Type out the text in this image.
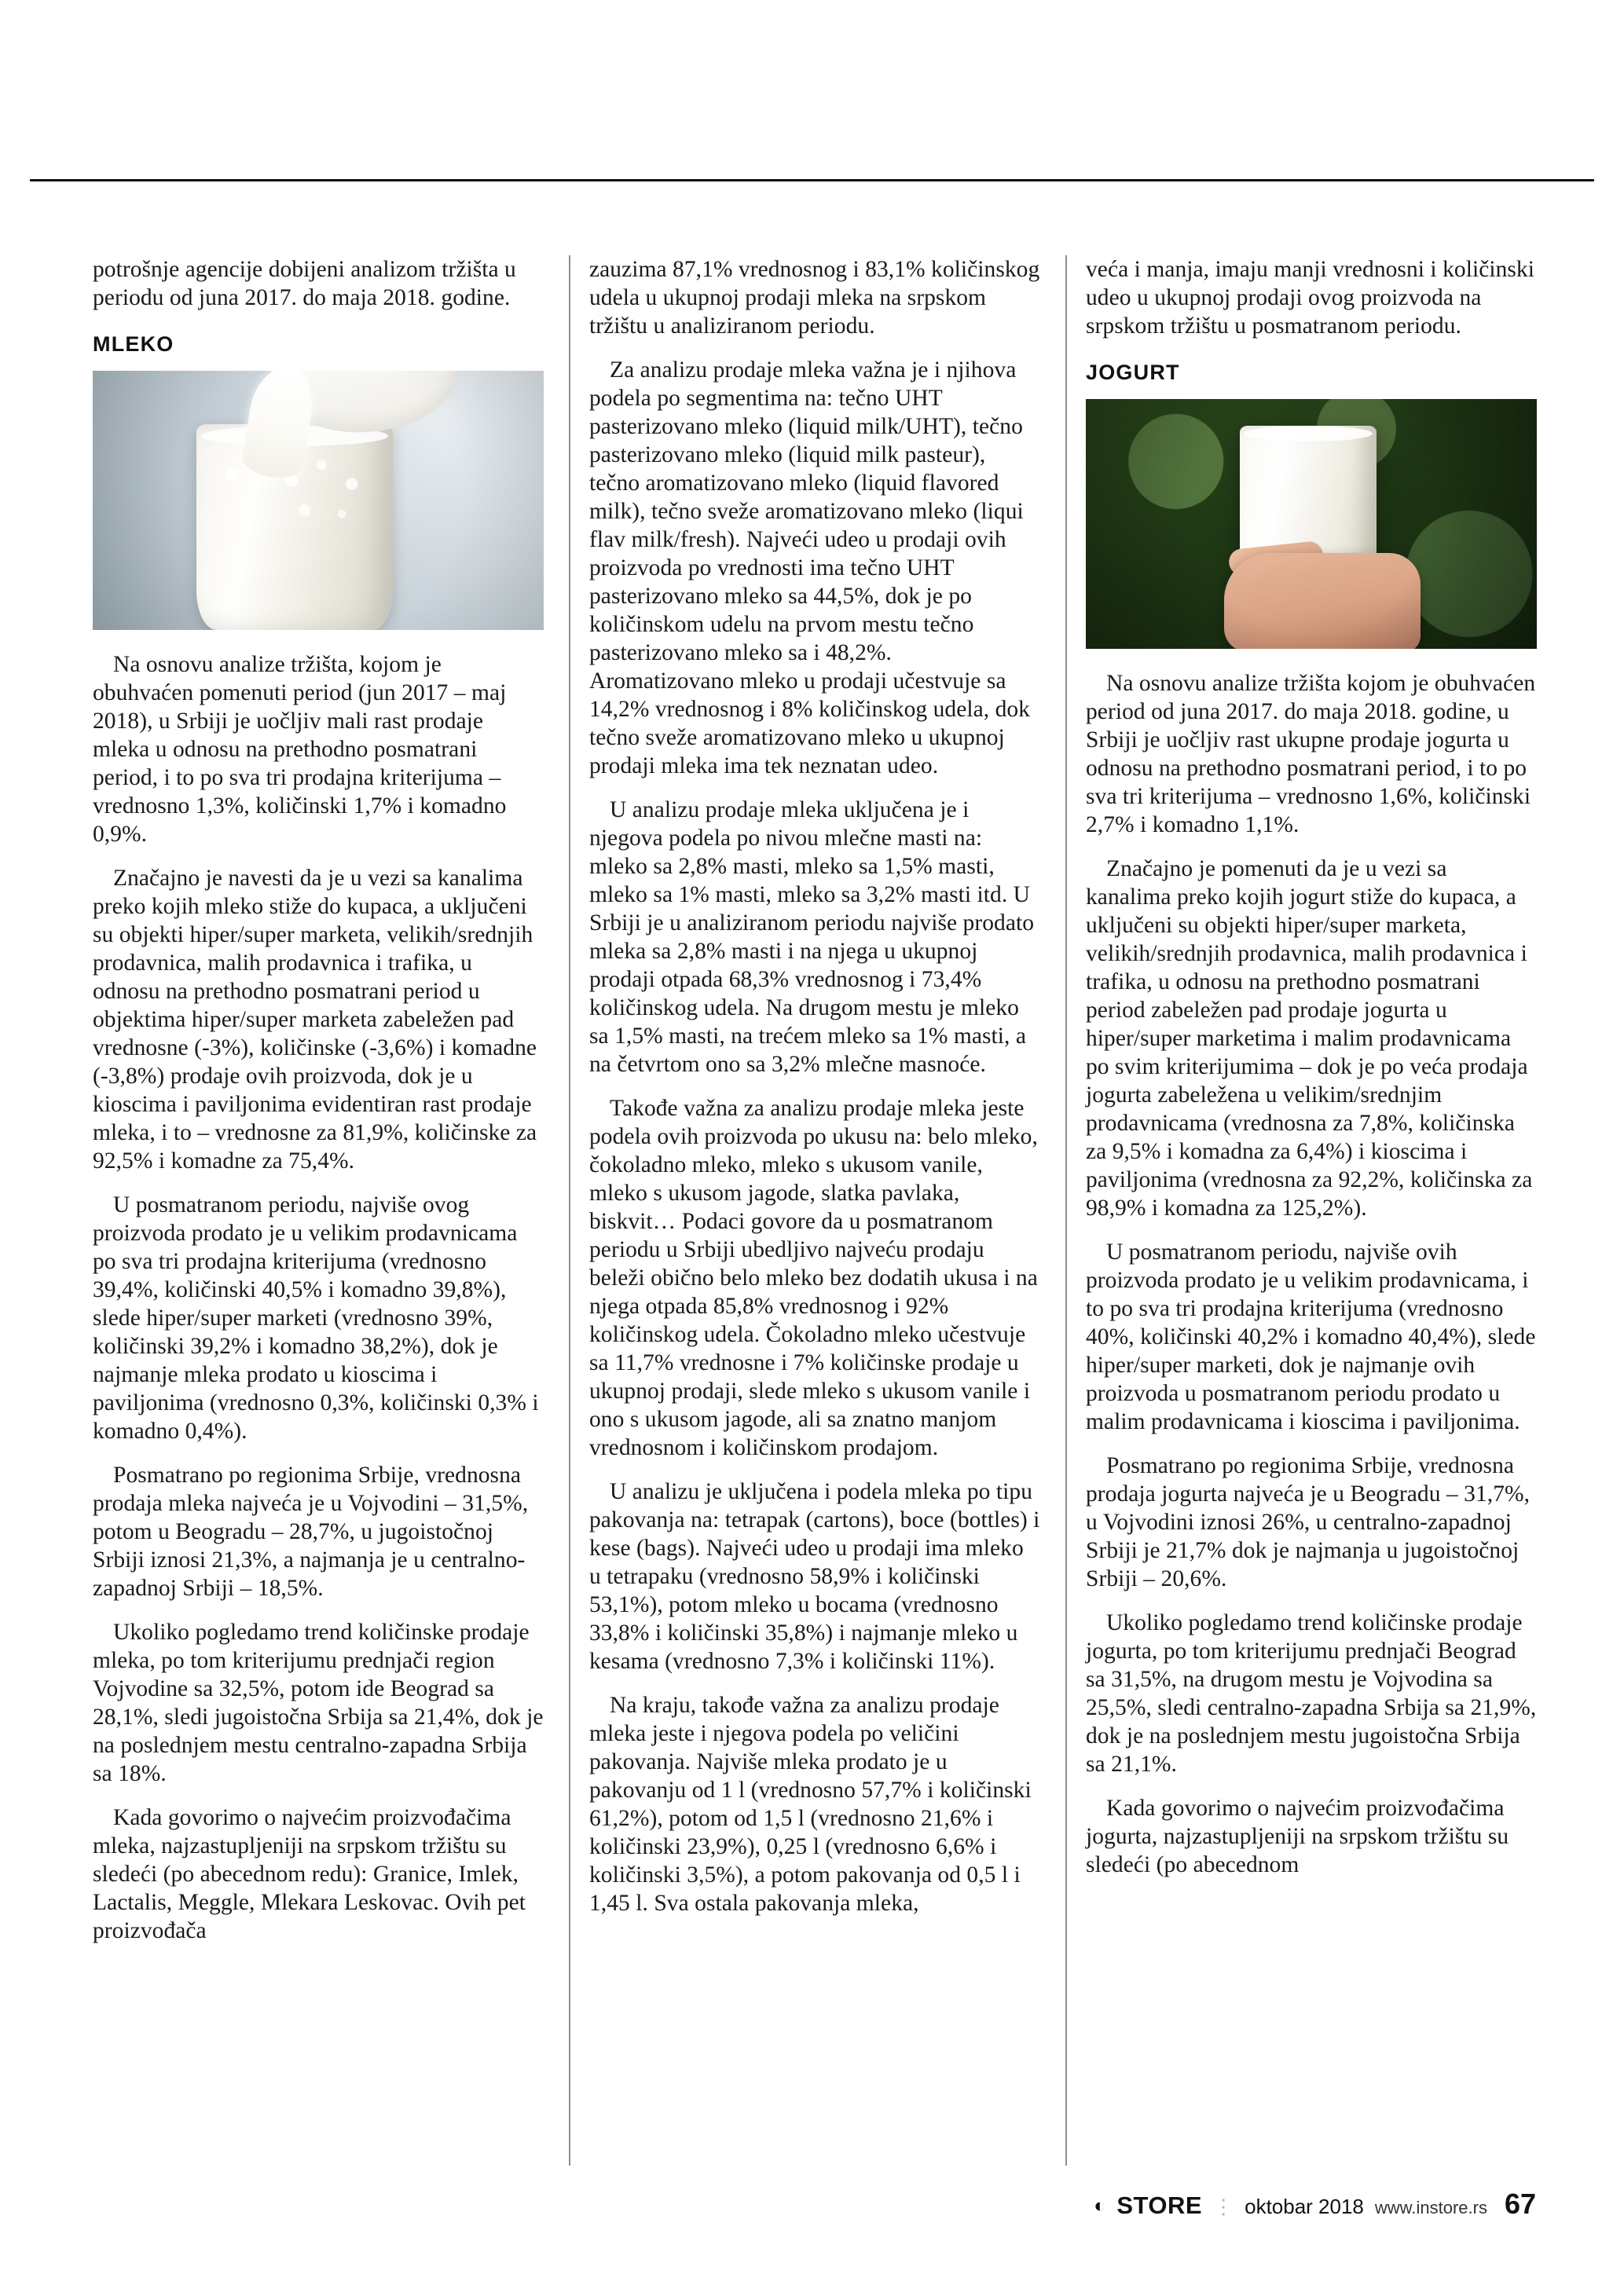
potrošnje agencije dobijeni analizom tržišta u periodu od juna 2017. do maja 2018. godine.

MLEKO

Na osnovu analize tržišta, kojom je obuhvaćen pomenuti period (jun 2017 – maj 2018), u Srbiji je uočljiv mali rast prodaje mleka u odnosu na prethodno posmatrani period, i to po sva tri prodajna kriterijuma – vrednosno 1,3%, količinski 1,7% i komadno 0,9%.

Značajno je navesti da je u vezi sa kanalima preko kojih mleko stiže do kupaca, a uključeni su objekti hiper/super marketa, velikih/srednjih prodavnica, malih prodavnica i trafika, u odnosu na prethodno posmatrani period u objektima hiper/super marketa zabeležen pad vrednosne (-3%), količinske (-3,6%) i komadne (-3,8%) prodaje ovih proizvoda, dok je u kioscima i paviljonima evidentiran rast prodaje mleka, i to – vrednosne za 81,9%, količinske za 92,5% i komadne za 75,4%.

U posmatranom periodu, najviše ovog proizvoda prodato je u velikim prodavnicama po sva tri prodajna kriterijuma (vrednosno 39,4%, količinski 40,5% i komadno 39,8%), slede hiper/super marketi (vrednosno 39%, količinski 39,2% i komadno 38,2%), dok je najmanje mleka prodato u kioscima i paviljonima (vrednosno 0,3%, količinski 0,3% i komadno 0,4%).

Posmatrano po regionima Srbije, vrednosna prodaja mleka najveća je u Vojvodini – 31,5%, potom u Beogradu – 28,7%, u jugoistočnoj Srbiji iznosi 21,3%, a najmanja je u centralno-zapadnoj Srbiji – 18,5%.

Ukoliko pogledamo trend količinske prodaje mleka, po tom kriterijumu prednjači region Vojvodine sa 32,5%, potom ide Beograd sa 28,1%, sledi jugoistočna Srbija sa 21,4%, dok je na poslednjem mestu centralno-zapadna Srbija sa 18%.

Kada govorimo o najvećim proizvođačima mleka, najzastupljeniji na srpskom tržištu su sledeći (po abecednom redu): Granice, Imlek, Lactalis, Meggle, Mlekara Leskovac. Ovih pet proizvođača

zauzima 87,1% vrednosnog i 83,1% količinskog udela u ukupnoj prodaji mleka na srpskom tržištu u analiziranom periodu.

Za analizu prodaje mleka važna je i njihova podela po segmentima na: tečno UHT pasterizovano mleko (liquid milk/UHT), tečno pasterizovano mleko (liquid milk pasteur), tečno aromatizovano mleko (liquid flavored milk), tečno sveže aromatizovano mleko (liqui flav milk/fresh). Najveći udeo u prodaji ovih proizvoda po vrednosti ima tečno UHT pasterizovano mleko sa 44,5%, dok je po količinskom udelu na prvom mestu tečno pasterizovano mleko sa i 48,2%. Aromatizovano mleko u prodaji učestvuje sa 14,2% vrednosnog i 8% količinskog udela, dok tečno sveže aromatizovano mleko u ukupnoj prodaji mleka ima tek neznatan udeo.

U analizu prodaje mleka uključena je i njegova podela po nivou mlečne masti na: mleko sa 2,8% masti, mleko sa 1,5% masti, mleko sa 1% masti, mleko sa 3,2% masti itd. U Srbiji je u analiziranom periodu najviše prodato mleka sa 2,8% masti i na njega u ukupnoj prodaji otpada 68,3% vrednosnog i 73,4% količinskog udela. Na drugom mestu je mleko sa 1,5% masti, na trećem mleko sa 1% masti, a na četvrtom ono sa 3,2% mlečne masnoće.

Takođe važna za analizu prodaje mleka jeste podela ovih proizvoda po ukusu na: belo mleko, čokoladno mleko, mleko s ukusom vanile, mleko s ukusom jagode, slatka pavlaka, biskvit… Podaci govore da u posmatranom periodu u Srbiji ubedljivo najveću prodaju beleži obično belo mleko bez dodatih ukusa i na njega otpada 85,8% vrednosnog i 92% količinskog udela. Čokoladno mleko učestvuje sa 11,7% vrednosne i 7% količinske prodaje u ukupnoj prodaji, slede mleko s ukusom vanile i ono s ukusom jagode, ali sa znatno manjom vrednosnom i količinskom prodajom.

U analizu je uključena i podela mleka po tipu pakovanja na: tetrapak (cartons), boce (bottles) i kese (bags). Najveći udeo u prodaji ima mleko u tetrapaku (vrednosno 58,9% i količinski 53,1%), potom mleko u bocama (vrednosno 33,8% i količinski 35,8%) i najmanje mleko u kesama (vrednosno 7,3% i količinski 11%).

Na kraju, takođe važna za analizu prodaje mleka jeste i njegova podela po veličini pakovanja. Najviše mleka prodato je u pakovanju od 1 l (vrednosno 57,7% i količinski 61,2%), potom od 1,5 l (vrednosno 21,6% i količinski 23,9%), 0,25 l (vrednosno 6,6% i količinski 3,5%), a potom pakovanja od 0,5 l i 1,45 l. Sva ostala pakovanja mleka,

veća i manja, imaju manji vrednosni i količinski udeo u ukupnoj prodaji ovog proizvoda na srpskom tržištu u posmatranom periodu.

JOGURT

Na osnovu analize tržišta kojom je obuhvaćen period od juna 2017. do maja 2018. godine, u Srbiji je uočljiv rast ukupne prodaje jogurta u odnosu na prethodno posmatrani period, i to po sva tri kriterijuma – vrednosno 1,6%, količinski 2,7% i komadno 1,1%.

Značajno je pomenuti da je u vezi sa kanalima preko kojih jogurt stiže do kupaca, a uključeni su objekti hiper/super marketa, velikih/srednjih prodavnica, malih prodavnica i trafika, u odnosu na prethodno posmatrani period zabeležen pad prodaje jogurta u hiper/super marketima i malim prodavnicama po svim kriterijumima – dok je po veća prodaja jogurta zabeležena u velikim/srednjim prodavnicama (vrednosna za 7,8%, količinska za 9,5% i komadna za 6,4%) i kioscima i paviljonima (vrednosna za 92,2%, količinska za 98,9% i komadna za 125,2%).

U posmatranom periodu, najviše ovih proizvoda prodato je u velikim prodavnicama, i to po sva tri prodajna kriterijuma (vrednosno 40%, količinski 40,2% i komadno 40,4%), slede hiper/super marketi, dok je najmanje ovih proizvoda u posmatranom periodu prodato u malim prodavnicama i kioscima i paviljonima.

Posmatrano po regionima Srbije, vrednosna prodaja jogurta najveća je u Beogradu – 31,7%, u Vojvodini iznosi 26%, u centralno-zapadnoj Srbiji je 21,7% dok je najmanja u jugoistočnoj Srbiji – 20,6%.

Ukoliko pogledamo trend količinske prodaje jogurta, po tom kriterijumu prednjači Beograd sa 31,5%, na drugom mestu je Vojvodina sa 25,5%, sledi centralno-zapadna Srbija sa 21,9%, dok je na poslednjem mestu jugoistočna Srbija sa 21,1%.

Kada govorimo o najvećim proizvođačima jogurta, najzastupljeniji na srpskom tržištu su sledeći (po abecednom

◐ STORE ⋮ oktobar 2018 www.instore.rs 67
